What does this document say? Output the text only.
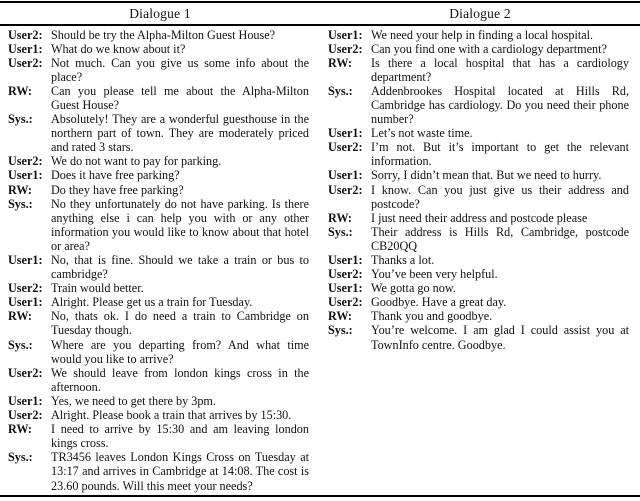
Dialogue 1	Dialogue 2
User2: Should be try the Alpha-Milton Guest House?
User1: What do we know about it?
User2: Not much. Can you give us some info about the place?
RW: Can you please tell me about the Alpha-Milton Guest House?
Sys.: Absolutely! They are a wonderful guesthouse in the northern part of town. They are moderately priced and rated 3 stars.
User2: We do not want to pay for parking.
User1: Does it have free parking?
RW: Do they have free parking?
Sys.: No they unfortunately do not have parking. Is there anything else i can help you with or any other information you would like to know about that hotel or area?
User1: No, that is fine. Should we take a train or bus to cambridge?
User2: Train would better.
User1: Alright. Please get us a train for Tuesday.
RW: No, thats ok. I do need a train to Cambridge on Tuesday though.
Sys.: Where are you departing from? And what time would you like to arrive?
User2: We should leave from london kings cross in the afternoon.
User1: Yes, we need to get there by 3pm.
User2: Alright. Please book a train that arrives by 15:30.
RW: I need to arrive by 15:30 and am leaving london kings cross.
Sys.: TR3456 leaves London Kings Cross on Tuesday at 13:17 and arrives in Cambridge at 14:08. The cost is 23.60 pounds. Will this meet your needs?
User1: We need your help in finding a local hospital.
User2: Can you find one with a cardiology department?
RW: Is there a local hospital that has a cardiology department?
Sys.: Addenbrookes Hospital located at Hills Rd, Cambridge has cardiology. Do you need their phone number?
User1: Let’s not waste time.
User2: I’m not. But it’s important to get the relevant information.
User1: Sorry, I didn’t mean that. But we need to hurry.
User2: I know. Can you just give us their address and postcode?
RW: I just need their address and postcode please
Sys.: Their address is Hills Rd, Cambridge, postcode CB20QQ
User1: Thanks a lot.
User2: You’ve been very helpful.
User1: We gotta go now.
User2: Goodbye. Have a great day.
RW: Thank you and goodbye.
Sys.: You’re welcome. I am glad I could assist you at TownInfo centre. Goodbye.
